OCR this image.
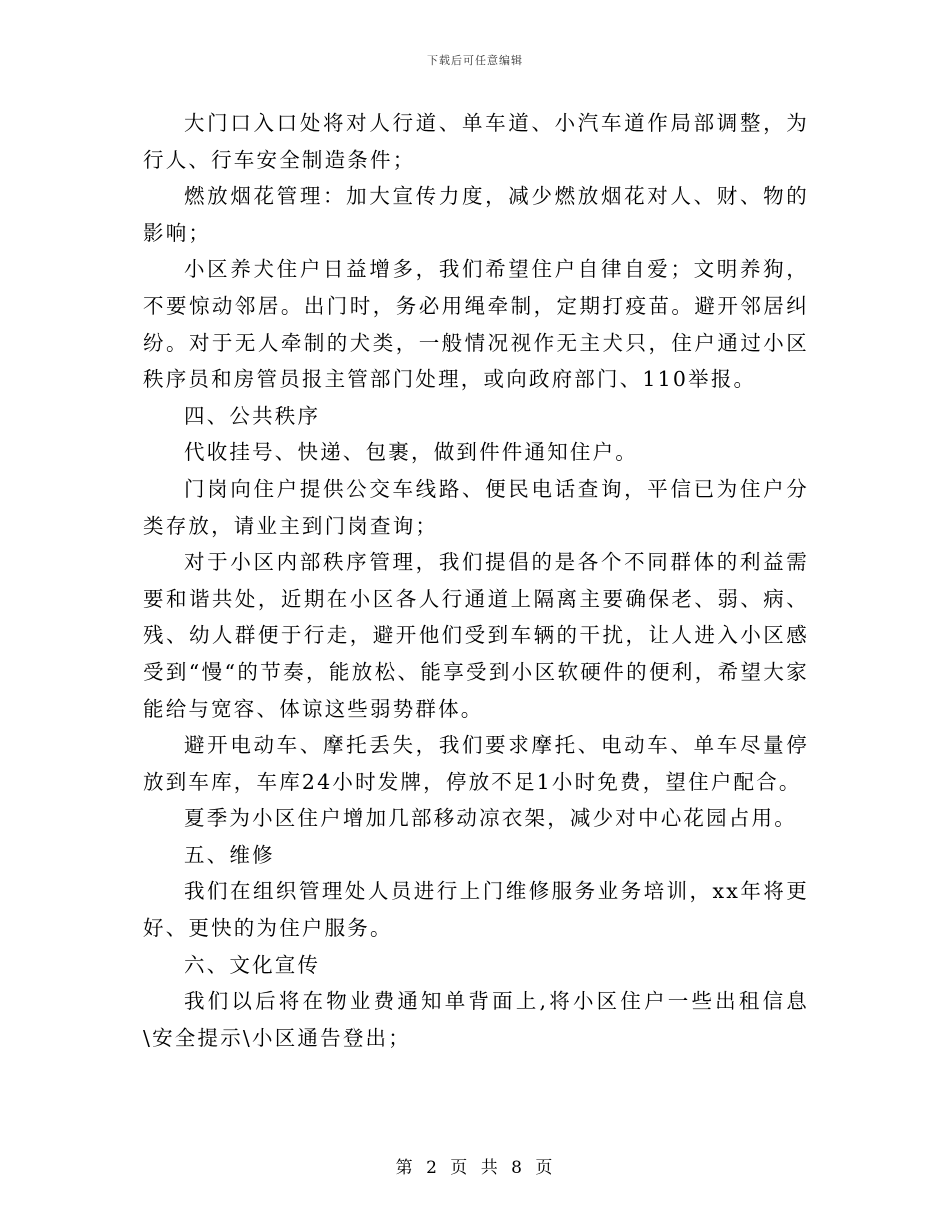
下载后可任意编辑

大门口入口处将对人行道、单车道、小汽车道作局部调整，为行人、行车安全制造条件；

燃放烟花管理：加大宣传力度，减少燃放烟花对人、财、物的影响；

小区养犬住户日益增多，我们希望住户自律自爱；文明养狗，不要惊动邻居。出门时，务必用绳牵制，定期打疫苗。避开邻居纠纷。对于无人牵制的犬类，一般情况视作无主犬只，住户通过小区秩序员和房管员报主管部门处理，或向政府部门、110举报。

四、公共秩序

代收挂号、快递、包裹，做到件件通知住户。

门岗向住户提供公交车线路、便民电话查询，平信已为住户分类存放，请业主到门岗查询；

对于小区内部秩序管理，我们提倡的是各个不同群体的利益需要和谐共处，近期在小区各人行通道上隔离主要确保老、弱、病、残、幼人群便于行走，避开他们受到车辆的干扰，让人进入小区感受到“慢“的节奏，能放松、能享受到小区软硬件的便利，希望大家能给与宽容、体谅这些弱势群体。

避开电动车、摩托丢失，我们要求摩托、电动车、单车尽量停放到车库，车库24小时发牌，停放不足1小时免费，望住户配合。

夏季为小区住户增加几部移动凉衣架，减少对中心花园占用。

五、维修

我们在组织管理处人员进行上门维修服务业务培训，xx年将更好、更快的为住户服务。

六、文化宣传

我们以后将在物业费通知单背面上,将小区住户一些出租信息\安全提示\小区通告登出；

第 2 页 共 8 页
